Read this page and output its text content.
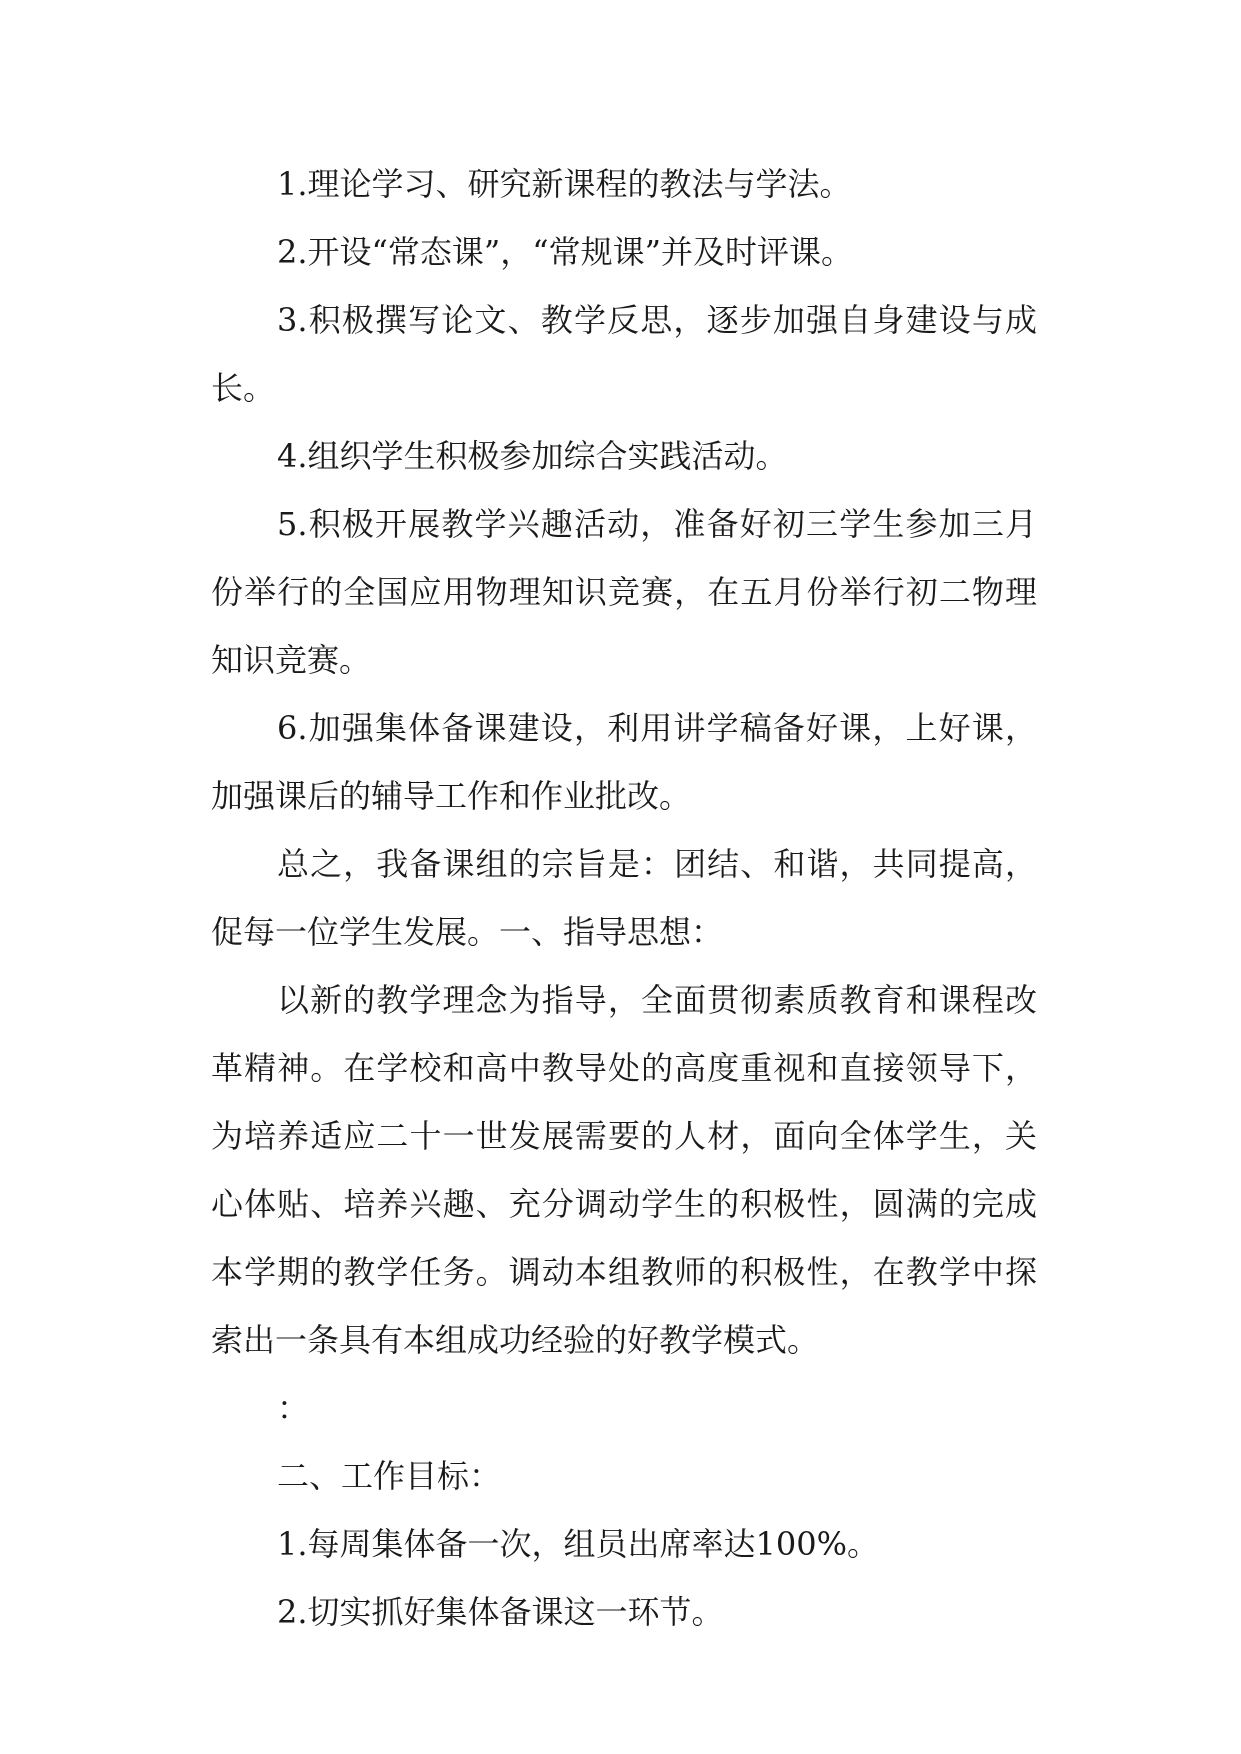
1.理论学习、研究新课程的教法与学法。

2.开设“常态课”，“常规课”并及时评课。

3.积极撰写论文、教学反思，逐步加强自身建设与成长。

4.组织学生积极参加综合实践活动。

5.积极开展教学兴趣活动，准备好初三学生参加三月份举行的全国应用物理知识竞赛，在五月份举行初二物理知识竞赛。

6.加强集体备课建设，利用讲学稿备好课，上好课，加强课后的辅导工作和作业批改。

总之，我备课组的宗旨是：团结、和谐，共同提高，促每一位学生发展。一、指导思想：

以新的教学理念为指导，全面贯彻素质教育和课程改革精神。在学校和高中教导处的高度重视和直接领导下，为培养适应二十一世发展需要的人材，面向全体学生，关心体贴、培养兴趣、充分调动学生的积极性，圆满的完成本学期的教学任务。调动本组教师的积极性，在教学中探索出一条具有本组成功经验的好教学模式。

：

二、工作目标：

1.每周集体备一次，组员出席率达100%。

2.切实抓好集体备课这一环节。
